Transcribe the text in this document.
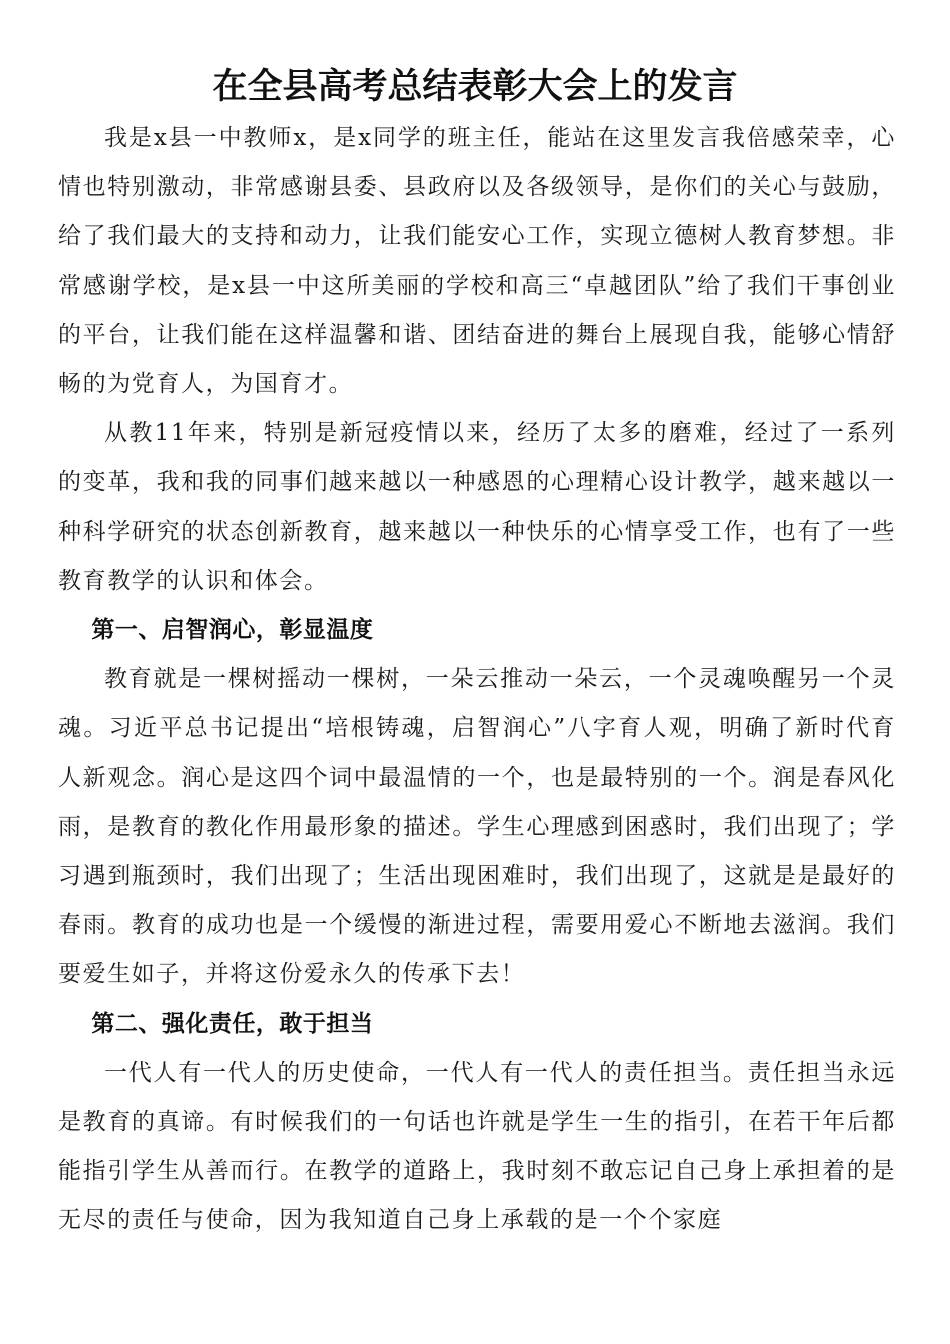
在全县高考总结表彰大会上的发言

我是x县一中教师x，是x同学的班主任，能站在这里发言我倍感荣幸，心情也特别激动，非常感谢县委、县政府以及各级领导，是你们的关心与鼓励，给了我们最大的支持和动力，让我们能安心工作，实现立德树人教育梦想。非常感谢学校，是x县一中这所美丽的学校和高三“卓越团队”给了我们干事创业的平台，让我们能在这样温馨和谐、团结奋进的舞台上展现自我，能够心情舒畅的为党育人，为国育才。

从教11年来，特别是新冠疫情以来，经历了太多的磨难，经过了一系列的变革，我和我的同事们越来越以一种感恩的心理精心设计教学，越来越以一种科学研究的状态创新教育，越来越以一种快乐的心情享受工作，也有了一些教育教学的认识和体会。

第一、启智润心，彰显温度

教育就是一棵树摇动一棵树，一朵云推动一朵云，一个灵魂唤醒另一个灵魂。习近平总书记提出“培根铸魂，启智润心”八字育人观，明确了新时代育人新观念。润心是这四个词中最温情的一个，也是最特别的一个。润是春风化雨，是教育的教化作用最形象的描述。学生心理感到困惑时，我们出现了；学习遇到瓶颈时，我们出现了；生活出现困难时，我们出现了，这就是是最好的春雨。教育的成功也是一个缓慢的渐进过程，需要用爱心不断地去滋润。我们要爱生如子，并将这份爱永久的传承下去！

第二、强化责任，敢于担当

一代人有一代人的历史使命，一代人有一代人的责任担当。责任担当永远是教育的真谛。有时候我们的一句话也许就是学生一生的指引，在若干年后都能指引学生从善而行。在教学的道路上，我时刻不敢忘记自己身上承担着的是无尽的责任与使命，因为我知道自己身上承载的是一个个家庭
